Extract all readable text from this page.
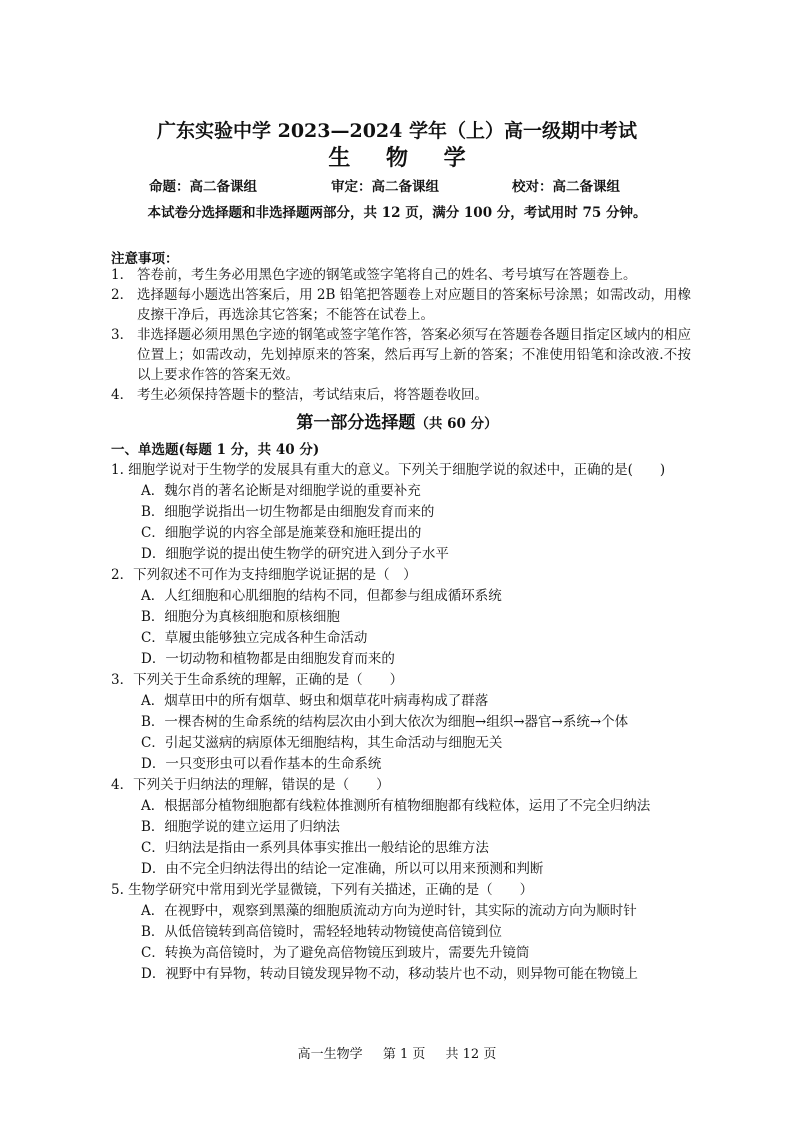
广东实验中学 2023—2024 学年（上）高一级期中考试
生 物 学
命题：高二备课组	审定：高二备课组	校对：高二备课组
本试卷分选择题和非选择题两部分，共 12 页，满分 100 分，考试用时 75 分钟。
注意事项：
1． 答卷前，考生务必用黑色字迹的钢笔或签字笔将自己的姓名、考号填写在答题卷上。
2． 选择题每小题选出答案后，用 2B 铅笔把答题卷上对应题目的答案标号涂黑；如需改动，用橡皮擦干净后，再选涂其它答案；不能答在试卷上。
3． 非选择题必须用黑色字迹的钢笔或签字笔作答，答案必须写在答题卷各题目指定区域内的相应位置上；如需改动，先划掉原来的答案，然后再写上新的答案；不准使用铅笔和涂改液.不按以上要求作答的答案无效。
4． 考生必须保持答题卡的整洁，考试结束后，将答题卷收回。
第一部分选择题（共 60 分）
一、单选题(每题 1 分，共 40 分)
1. 细胞学说对于生物学的发展具有重大的意义。下列关于细胞学说的叙述中，正确的是(　　)
A．魏尔肖的著名论断是对细胞学说的重要补充
B．细胞学说指出一切生物都是由细胞发育而来的
C．细胞学说的内容全部是施莱登和施旺提出的
D．细胞学说的提出使生物学的研究进入到分子水平
2．下列叙述不可作为支持细胞学说证据的是（　）
A．人红细胞和心肌细胞的结构不同，但都参与组成循环系统
B．细胞分为真核细胞和原核细胞
C．草履虫能够独立完成各种生命活动
D．一切动物和植物都是由细胞发育而来的
3．下列关于生命系统的理解，正确的是（　　）
A．烟草田中的所有烟草、蚜虫和烟草花叶病毒构成了群落
B．一棵杏树的生命系统的结构层次由小到大依次为细胞→组织→器官→系统→个体
C．引起艾滋病的病原体无细胞结构，其生命活动与细胞无关
D．一只变形虫可以看作基本的生命系统
4．下列关于归纳法的理解，错误的是（　　）
A．根据部分植物细胞都有线粒体推测所有植物细胞都有线粒体，运用了不完全归纳法
B．细胞学说的建立运用了归纳法
C．归纳法是指由一系列具体事实推出一般结论的思维方法
D．由不完全归纳法得出的结论一定准确，所以可以用来预测和判断
5. 生物学研究中常用到光学显微镜，下列有关描述，正确的是（　　）
A．在视野中，观察到黑藻的细胞质流动方向为逆时针，其实际的流动方向为顺时针
B．从低倍镜转到高倍镜时，需轻轻地转动物镜使高倍镜到位
C．转换为高倍镜时，为了避免高倍物镜压到玻片，需要先升镜筒
D．视野中有异物，转动目镜发现异物不动，移动装片也不动，则异物可能在物镜上
高一生物学 第 1 页 共 12 页
